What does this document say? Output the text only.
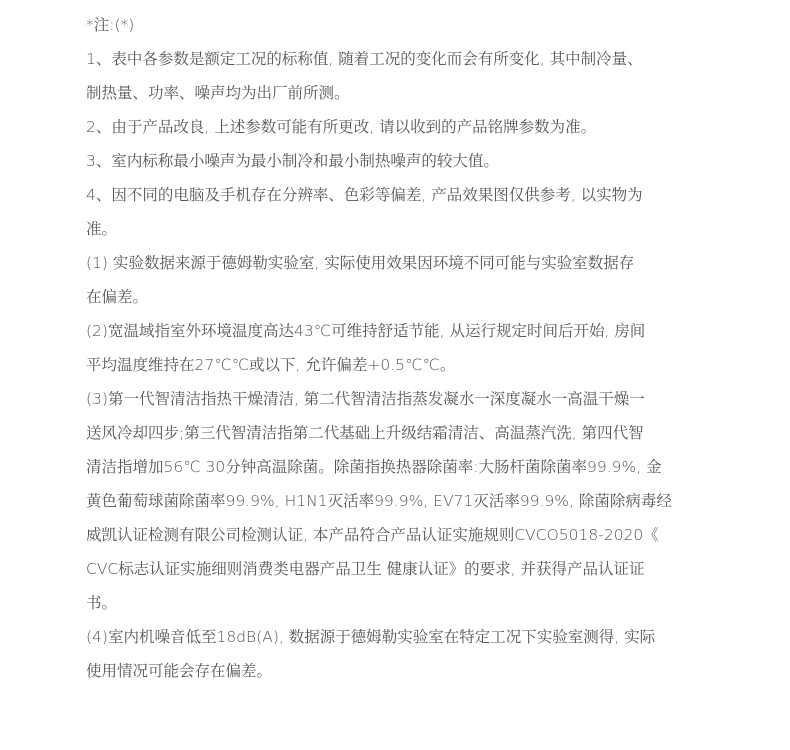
*注:(*)
1、表中各参数是额定工况的标称值, 随着工况的变化而会有所变化, 其中制冷量、
制热量、功率、噪声均为出厂前所测。
2、由于产品改良, 上述参数可能有所更改, 请以收到的产品铭牌参数为准。
3、室内标称最小噪声为最小制冷和最小制热噪声的较大值。
4、因不同的电脑及手机存在分辨率、色彩等偏差, 产品效果图仅供参考, 以实物为
准。
(1) 实验数据来源于德姆勒实验室, 实际使用效果因环境不同可能与实验室数据存
在偏差。
(2)宽温域指室外环境温度高达43℃可维持舒适节能, 从运行规定时间后开始, 房间
平均温度维持在27℃℃或以下, 允许偏差+0.5℃℃。
(3)第一代智清洁指热干燥清洁, 第二代智清洁指蒸发凝水一深度凝水一高温干燥一
送风冷却四步;第三代智清洁指第二代基础上升级结霜清洁、高温蒸汽洗, 第四代智
清洁指增加56℃ 30分钟高温除菌。除菌指换热器除菌率:大肠杆菌除菌率99.9%, 金
黄色葡萄球菌除菌率99.9%, H1N1灭活率99.9%, EV71灭活率99.9%, 除菌除病毒经
威凯认证检测有限公司检测认证, 本产品符合产品认证实施规则CVCO5018-2020《
CVC标志认证实施细则消费类电器产品卫生 健康认证》的要求, 并获得产品认证证
书。
(4)室内机噪音低至18dB(A), 数据源于德姆勒实验室在特定工况下实验室测得, 实际
使用情况可能会存在偏差。
